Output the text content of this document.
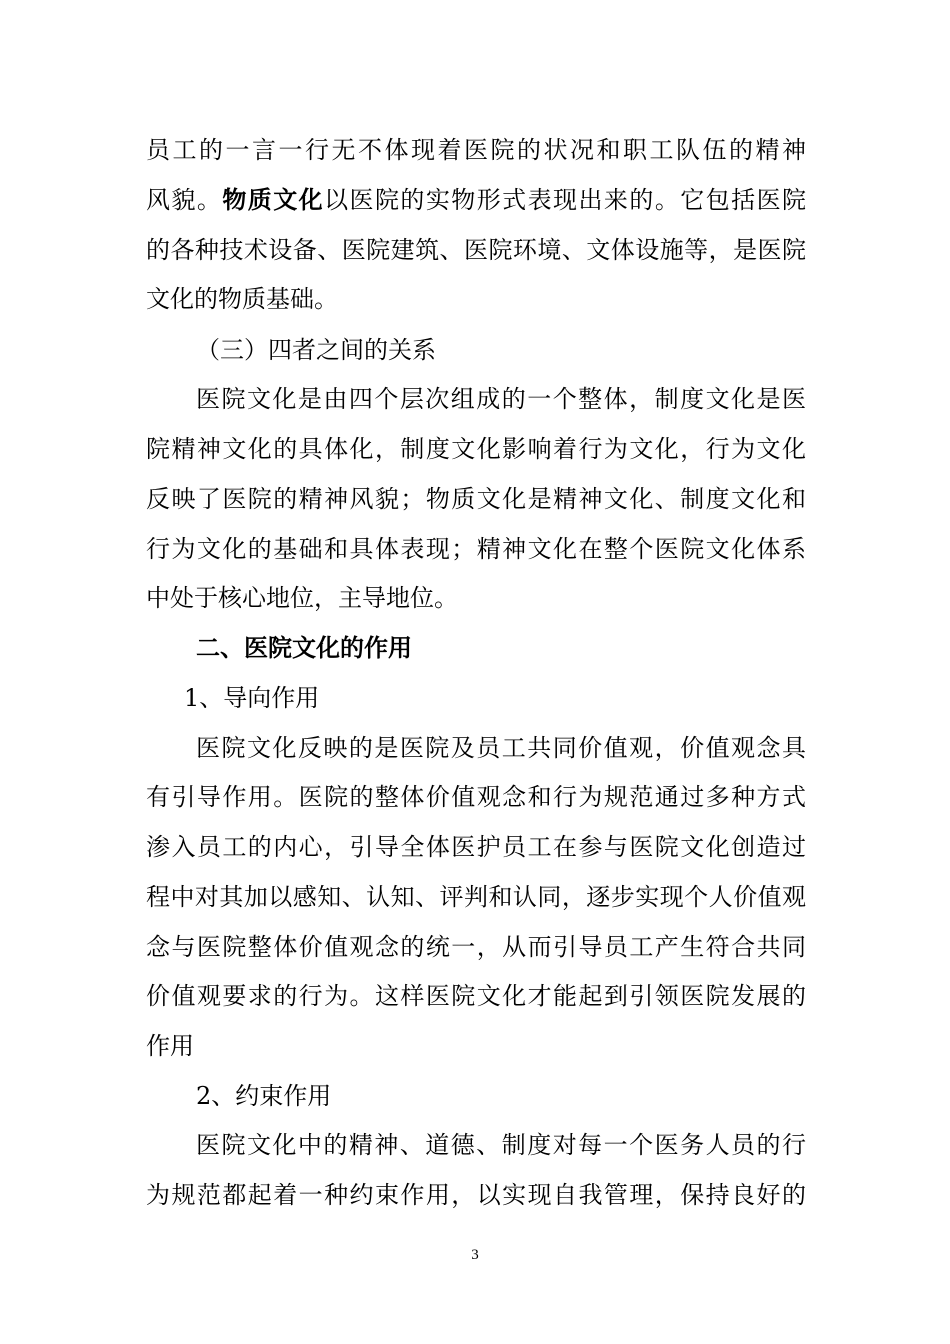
员工的一言一行无不体现着医院的状况和职工队伍的精神
风貌。物质文化以医院的实物形式表现出来的。它包括医院
的各种技术设备、医院建筑、医院环境、文体设施等，是医院
文化的物质基础。
（三）四者之间的关系
医院文化是由四个层次组成的一个整体，制度文化是医
院精神文化的具体化，制度文化影响着行为文化，行为文化
反映了医院的精神风貌；物质文化是精神文化、制度文化和
行为文化的基础和具体表现；精神文化在整个医院文化体系
中处于核心地位，主导地位。
二、医院文化的作用
1、导向作用
医院文化反映的是医院及员工共同价值观，价值观念具
有引导作用。医院的整体价值观念和行为规范通过多种方式
渗入员工的内心，引导全体医护员工在参与医院文化创造过
程中对其加以感知、认知、评判和认同，逐步实现个人价值观
念与医院整体价值观念的统一，从而引导员工产生符合共同
价值观要求的行为。这样医院文化才能起到引领医院发展的
作用
2、约束作用
医院文化中的精神、道德、制度对每一个医务人员的行
为规范都起着一种约束作用，以实现自我管理，保持良好的
3
